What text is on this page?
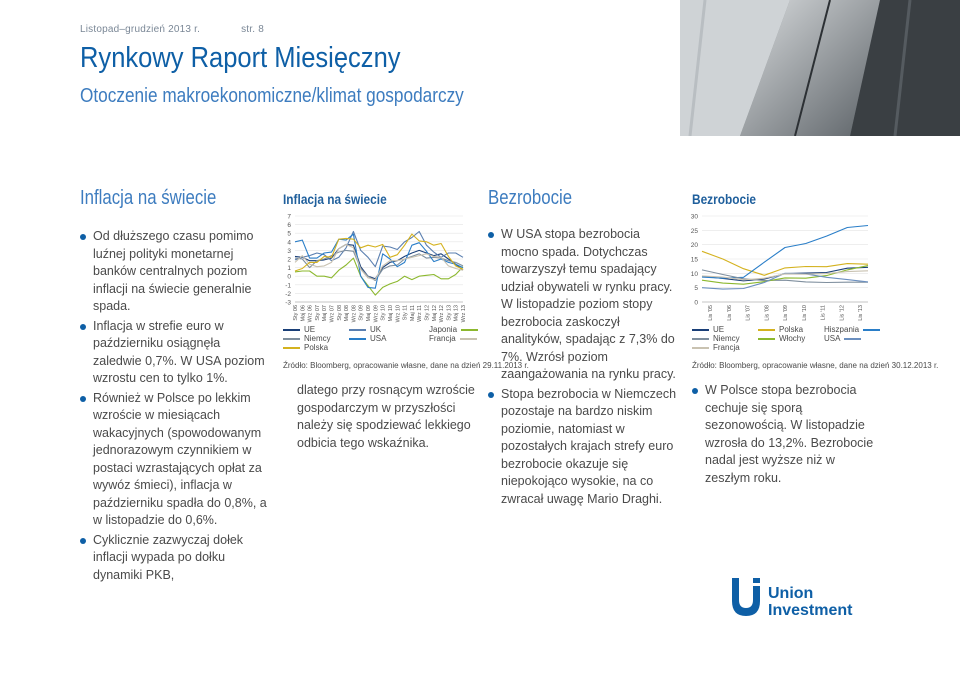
Listopad–grudzień 2013 r.	str. 8
Rynkowy Raport Miesięczny
Otoczenie makroekonomiczne/klimat gospodarczy
Inflacja na świecie
Od dłuższego czasu pomimo luźnej polityki monetarnej banków centralnych poziom inflacji na świecie generalnie spada.
Inflacja w strefie euro w październiku osiągnęła zaledwie 0,7%. W USA poziom wzrostu cen to tylko 1%.
Również w Polsce po lekkim wzroście w miesiącach wakacyjnych (spowodowanym jednorazowym czynnikiem w postaci wzrastających opłat za wywóz śmieci), inflacja w październiku spadła do 0,8%, a w listopadzie do 0,6%.
Cyklicznie zazwyczaj dołek inflacji wypada po dołku dynamiki PKB,
Inflacja na świecie
7
6
5
4
3
2
1
0
-1
-2
-3
Sty 06 Maj 06 Wrz 06 Sty 07 Maj 07 Wrz 07 Sty 08 Maj 08 Wrz 08 Sty 09 Maj 09 Wrz 09 Sty 10 Maj 10 Wrz 10 Sty 11 Maj 11 Wrz 11 Sty 12 Maj 12 Wrz 12 Sty 13 Maj 13 Wrz 13
UE	UK	Japonia
Niemcy	USA	Francja
Polska
Źródło: Bloomberg, opracowanie własne, dane na dzień 29.11.2013 r.
dlatego przy rosnącym wzroście gospodarczym w przyszłości należy się spodziewać lekkiego odbicia tego wskaźnika.
Bezrobocie
W USA stopa bezrobocia mocno spada. Dotychczas towarzyszył temu spadający udział obywateli w rynku pracy. W listopadzie poziom stopy bezrobocia zaskoczył analityków, spadając z 7,3% do 7%. Wzrósł poziom zaangażowania na rynku pracy.
Stopa bezrobocia w Niemczech pozostaje na bardzo niskim poziomie, natomiast w pozostałych krajach strefy euro bezrobocie okazuje się niepokojąco wysokie, na co zwracał uwagę Mario Draghi.
Bezrobocie
30
25
20
15
10
5
0
Lis '05 Lis '06 Lis '07 Lis '08 Lis '09 Lis '10 Lis '11 Lis '12 Lis '13
UE	Polska	Hiszpania
Niemcy	Włochy USA
Francja
Źródło: Bloomberg, opracowanie własne, dane na dzień 30.12.2013 r.
W Polsce stopa bezrobocia cechuje się sporą sezonowością. W listopadzie wzrosła do 13,2%. Bezrobocie nadal jest wyższe niż w zeszłym roku.
Union
Investment
